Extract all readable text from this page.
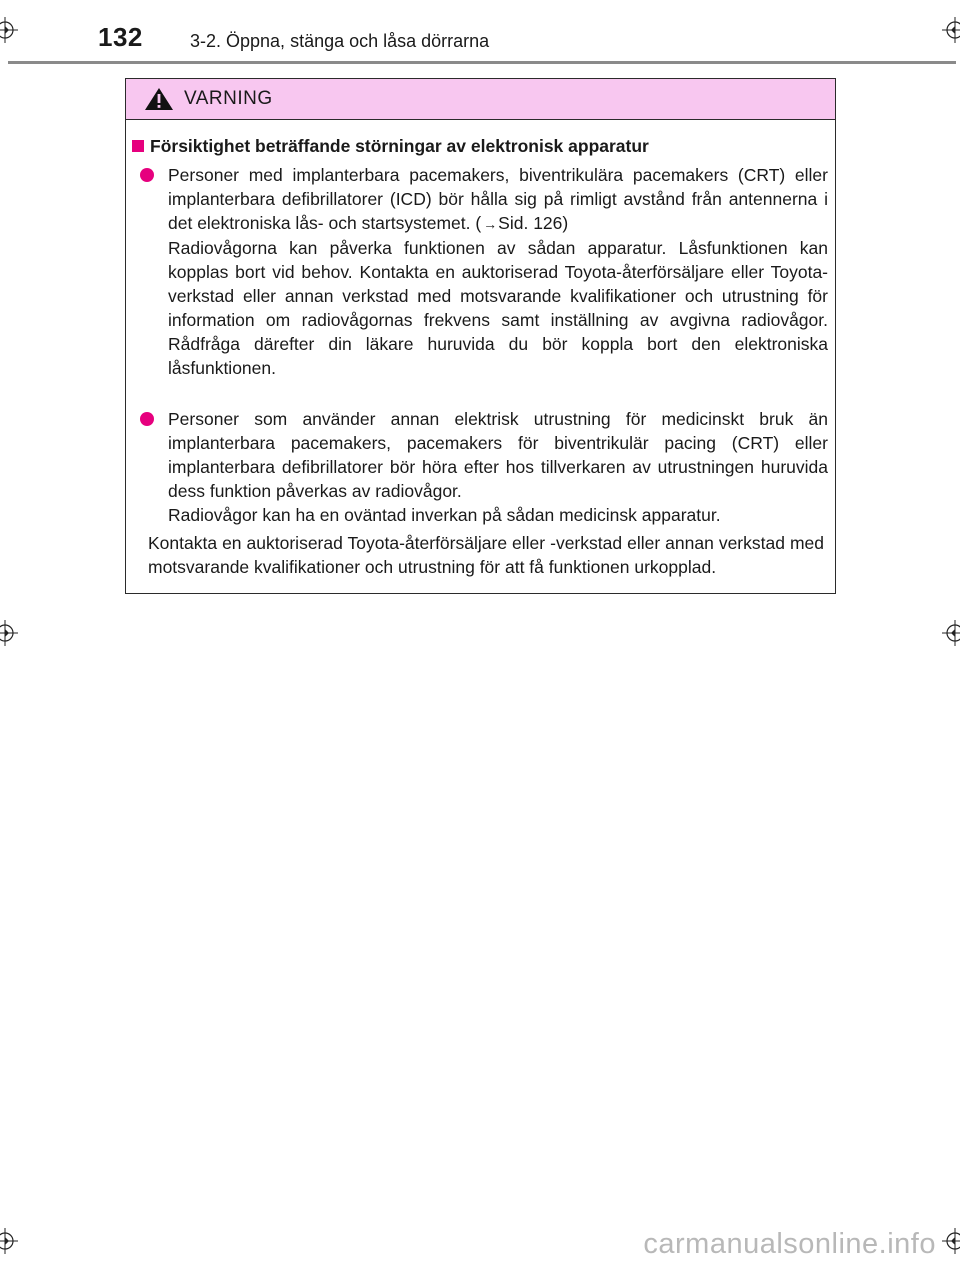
132	3-2. Öppna, stänga och låsa dörrarna
VARNING
Försiktighet beträffande störningar av elektronisk apparatur

Personer med implanterbara pacemakers, biventrikulära pacemakers (CRT) eller implanterbara defibrillatorer (ICD) bör hålla sig på rimligt avstånd från antennerna i det elektroniska lås- och startsystemet. ( →Sid. 126)

Radiovågorna kan påverka funktionen av sådan apparatur. Låsfunktionen kan kopplas bort vid behov. Kontakta en auktoriserad Toyota-återförsäljare eller Toyota-verkstad eller annan verkstad med motsvarande kvalifikationer och utrustning för information om radiovågornas frekvens samt inställning av avgivna radiovågor. Rådfråga därefter din läkare huruvida du bör koppla bort den elektroniska låsfunktionen.

Personer som använder annan elektrisk utrustning för medicinskt bruk än implanterbara pacemakers, pacemakers för biventrikulär pacing (CRT) eller implanterbara defibrillatorer bör höra efter hos tillverkaren av utrustningen huruvida dess funktion påverkas av radiovågor.

Radiovågor kan ha en oväntad inverkan på sådan medicinsk apparatur.

Kontakta en auktoriserad Toyota-återförsäljare eller -verkstad eller annan verkstad med motsvarande kvalifikationer och utrustning för att få funktionen urkopplad.
carmanualsonline.info
